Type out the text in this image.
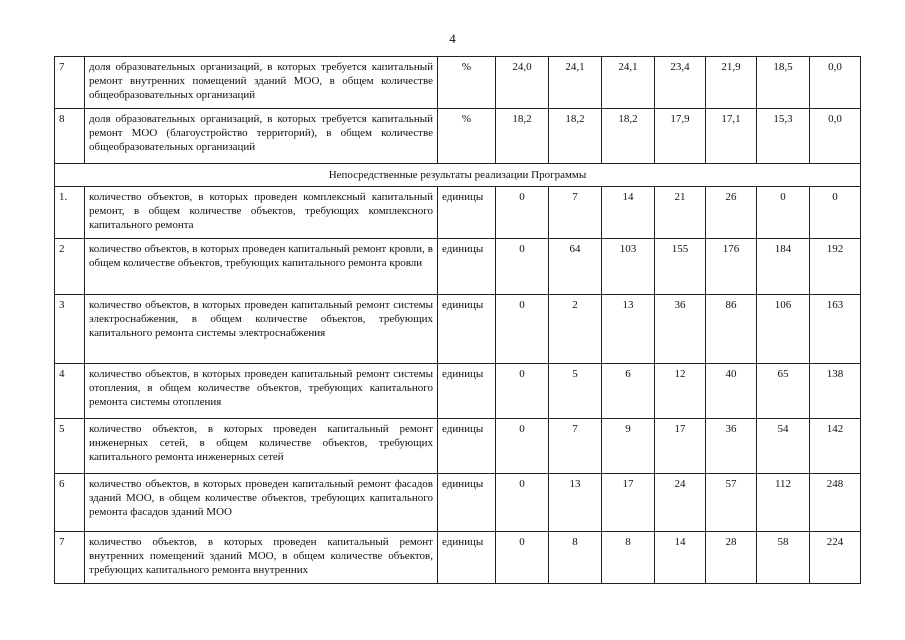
4
7	доля образовательных организаций, в которых требуется капитальный ремонт внутренних помещений зданий МОО, в общем количестве общеобразовательных организаций	%	24,0	24,1	24,1	23,4	21,9	18,5	0,0
8	доля образовательных организаций, в которых требуется капитальный ремонт МОО (благоустройство территорий), в общем количестве общеобразовательных организаций	%	18,2	18,2	18,2	17,9	17,1	15,3	0,0
Непосредственные результаты реализации Программы									
1.	количество объектов, в которых проведен комплексный капитальный ремонт, в общем количестве объектов, требующих комплексного капитального ремонта	единицы	0	7	14	21	26	0	0
2	количество объектов, в которых проведен капитальный ремонт кровли, в общем количестве объектов, требующих капитального ремонта кровли	единицы	0	64	103	155	176	184	192
3	количество объектов, в которых проведен капитальный ремонт системы электроснабжения, в общем количестве объектов, требующих капитального ремонта системы электроснабжения	единицы	0	2	13	36	86	106	163
4	количество объектов, в которых проведен капитальный ремонт системы отопления, в общем количестве объектов, требующих капитального ремонта системы отопления	единицы	0	5	6	12	40	65	138
5	количество объектов, в которых проведен капитальный ремонт инженерных сетей, в общем количестве объектов, требующих капитального ремонта инженерных сетей	единицы	0	7	9	17	36	54	142
6	количество объектов, в которых проведен капитальный ремонт фасадов зданий МОО, в общем количестве объектов, требующих капитального ремонта фасадов зданий МОО	единицы	0	13	17	24	57	112	248
7	количество объектов, в которых проведен капитальный ремонт внутренних помещений зданий МОО, в общем количестве объектов, требующих капитального ремонта внутренних	единицы	0	8	8	14	28	58	224
